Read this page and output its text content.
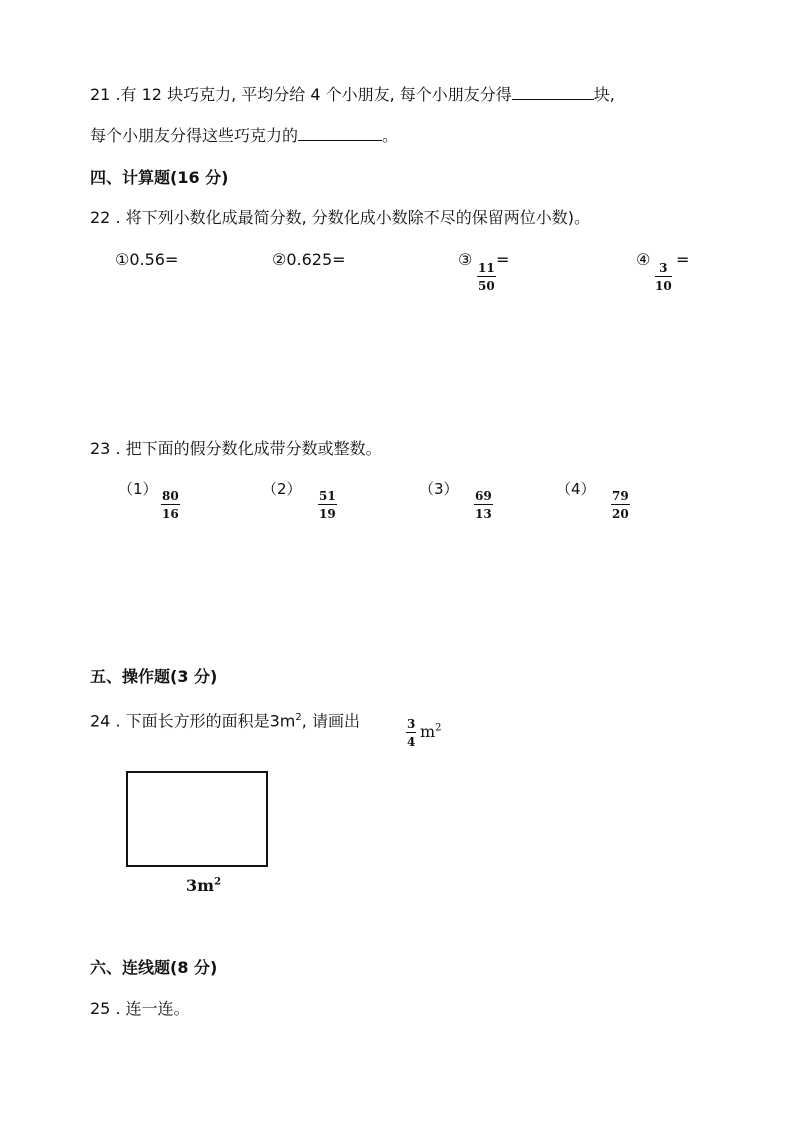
21 .有 12 块巧克力, 平均分给 4 个小朋友, 每个小朋友分得	块,
每个小朋友分得这些巧克力的	。
四、计算题(16 分)
22 . 将下列小数化成最简分数, 分数化成小数除不尽的保留两位小数)。
①0.56=	②0.625=	③
$\frac{11}{50}$
=	④
$\frac{3}{10}$
=
23 . 把下面的假分数化成带分数或整数。
（1）
$\frac{80}{16}$
（2）
$\frac{51}{19}$
（3）
$\frac{69}{13}$
（4）
$\frac{79}{20}$
五、操作题(3 分)
24 . 下面长方形的面积是$3m^2$, 请画出	$\frac{3}{4} m^2$
$3m^2$
六、连线题(8 分)
25 . 连一连。
